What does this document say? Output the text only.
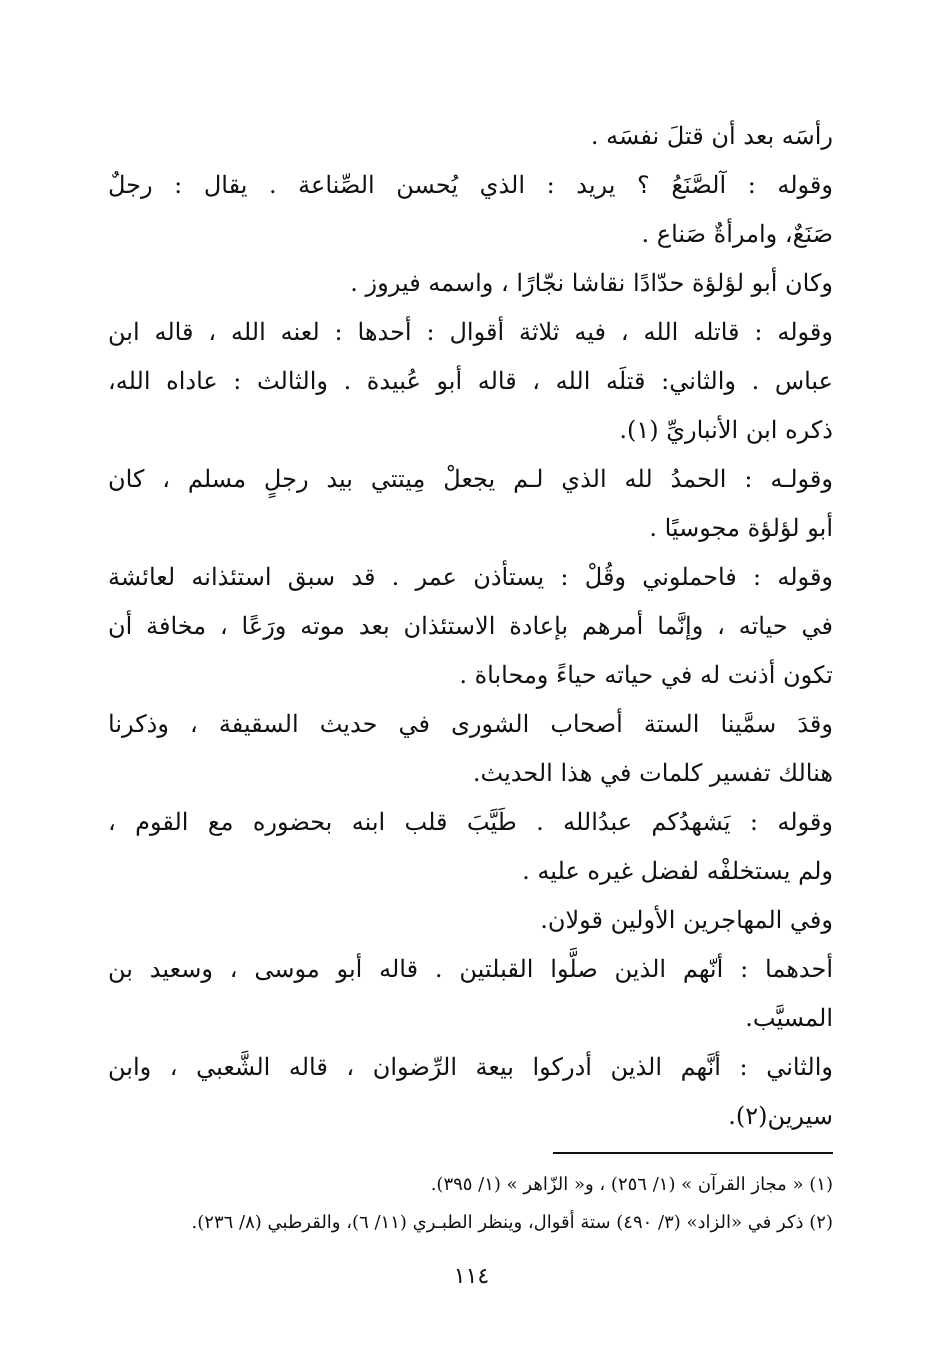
رأسَه بعد أن قتلَ نفسَه .
وقوله : آلصَّنَعُ ؟ يريد : الذي يُحسن الصِّناعة . يقال : رجلٌ
صَنَعٌ، وامرأةٌ صَناع .
وكان أبو لؤلؤة حدّادًا نقاشا نجّارًا ، واسمه فيروز .
وقوله : قاتله الله ، فيه ثلاثة أقوال : أحدها : لعنه الله ، قاله ابن
عباس . والثاني: قتلَه الله ، قاله أبو عُبيدة . والثالث : عاداه الله،
ذكره ابن الأنباريِّ (١).
وقولـه : الحمدُ لله الذي لـم يجعلْ مِيتتي بيد رجلٍ مسلم ، كان
أبو لؤلؤة مجوسيًا .
وقوله : فاحملوني وقُلْ : يستأذن عمر . قد سبق استئذانه لعائشة
في حياته ، وإنَّما أمرهم بإعادة الاستئذان بعد موته ورَعًا ، مخافة أن
تكون أذنت له في حياته حياءً ومحاباة .
وقدَ سمَّينا الستة أصحاب الشورى في حديث السقيفة ، وذكرنا
هنالك تفسير كلمات في هذا الحديث.
وقوله : يَشهدُكم عبدُالله . طَيَّبَ قلب ابنه بحضوره مع القوم ،
ولم يستخلفْه لفضل غيره عليه .
وفي المهاجرين الأولين قولان.
أحدهما : أنّهم الذين صلَّوا القبلتين . قاله أبو موسى ، وسعيد بن
المسيَّب.
والثاني : أنَّهم الذين أدركوا بيعة الرِّضوان ، قاله الشَّعبي ، وابن
سيرين(٢).
(١) « مجاز القرآن » (١/ ٢٥٦) ، و« الزّاهر » (١/ ٣٩٥).
(٢) ذكر في «الزاد» (٣/ ٤٩٠) ستة أقوال، وينظر الطبـري (١١/ ٦)، والقرطبي (٨/ ٢٣٦).
١١٤
